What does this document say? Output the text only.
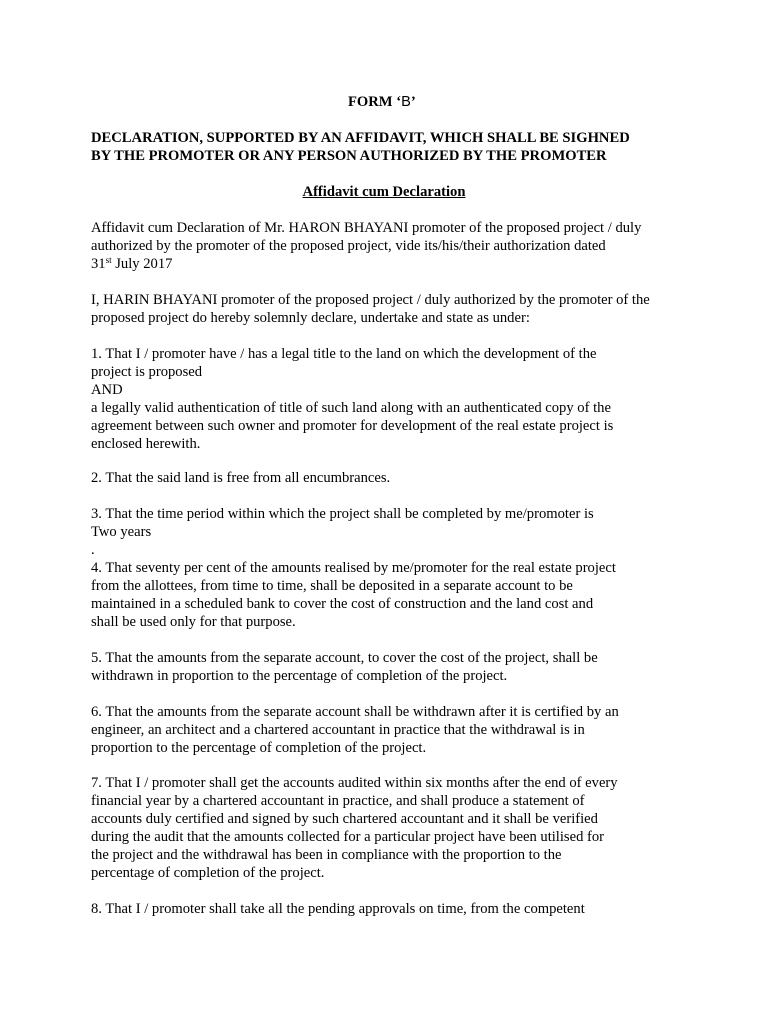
FORM ‘B’
DECLARATION, SUPPORTED BY AN AFFIDAVIT, WHICH SHALL BE SIGHNED
BY THE PROMOTER OR ANY PERSON AUTHORIZED BY THE PROMOTER
Affidavit cum Declaration
Affidavit cum Declaration of Mr. HARON BHAYANI promoter of the proposed project / duly
authorized by the promoter of the proposed project, vide its/his/their authorization dated
31st July 2017
I, HARIN BHAYANI promoter of the proposed project / duly authorized by the promoter of the
proposed project do hereby solemnly declare, undertake and state as under:
1. That I / promoter have / has a legal title to the land on which the development of the
project is proposed
AND
a legally valid authentication of title of such land along with an authenticated copy of the
agreement between such owner and promoter for development of the real estate project is
enclosed herewith.
2. That the said land is free from all encumbrances.
3. That the time period within which the project shall be completed by me/promoter is
Two years
.
4. That seventy per cent of the amounts realised by me/promoter for the real estate project
from the allottees, from time to time, shall be deposited in a separate account to be
maintained in a scheduled bank to cover the cost of construction and the land cost and
shall be used only for that purpose.
5. That the amounts from the separate account, to cover the cost of the project, shall be
withdrawn in proportion to the percentage of completion of the project.
6. That the amounts from the separate account shall be withdrawn after it is certified by an
engineer, an architect and a chartered accountant in practice that the withdrawal is in
proportion to the percentage of completion of the project.
7. That I / promoter shall get the accounts audited within six months after the end of every
financial year by a chartered accountant in practice, and shall produce a statement of
accounts duly certified and signed by such chartered accountant and it shall be verified
during the audit that the amounts collected for a particular project have been utilised for
the project and the withdrawal has been in compliance with the proportion to the
percentage of completion of the project.
8. That I / promoter shall take all the pending approvals on time, from the competent
